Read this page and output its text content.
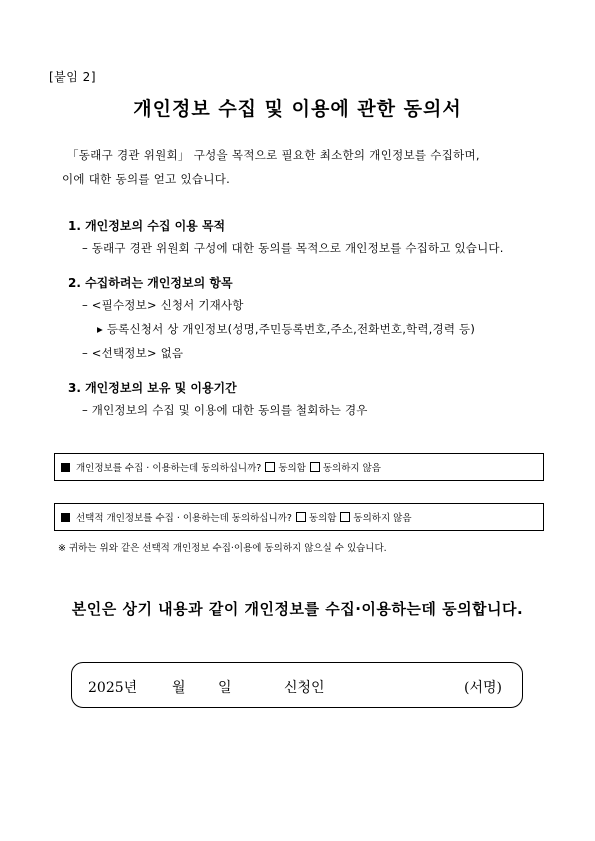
[붙임 2]
개인정보 수집 및 이용에 관한 동의서
「동래구 경관 위원회」 구성을 목적으로 필요한 최소한의 개인정보를 수집하며,
이에 대한 동의를 얻고 있습니다.
1. 개인정보의 수집 이용 목적
– 동래구 경관 위원회 구성에 대한 동의를 목적으로 개인정보를 수집하고 있습니다.
2. 수집하려는 개인정보의 항목
– <필수정보> 신청서 기재사항
▸ 등록신청서 상 개인정보(성명,주민등록번호,주소,전화번호,학력,경력 등)
– <선택정보> 없음
3. 개인정보의 보유 및 이용기간
– 개인정보의 수집 및 이용에 대한 동의를 철회하는 경우
개인정보를 수집 · 이용하는데 동의하십니까? 동의함 동의하지 않음
선택적 개인정보를 수집 · 이용하는데 동의하십니까? 동의함 동의하지 않음
※ 귀하는 위와 같은 선택적 개인정보 수집·이용에 동의하지 않으실 수 있습니다.
본인은 상기 내용과 같이 개인정보를 수집·이용하는데 동의합니다.
2025년 월 일	신청인	(서명)
